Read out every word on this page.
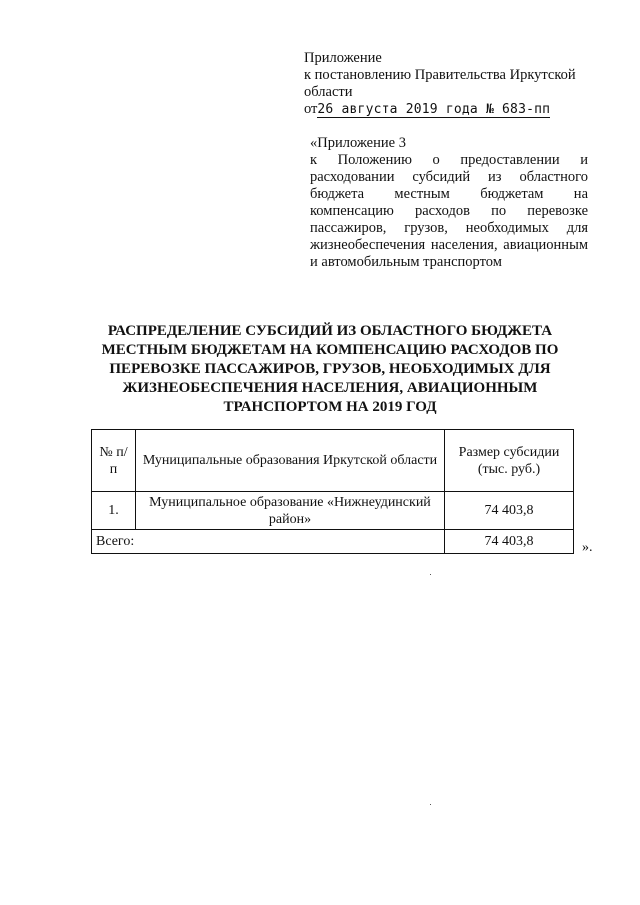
Приложение
к постановлению Правительства Иркутской
области
от26 августа 2019 года № 683-пп
«Приложение 3
к Положению о предоставлении и расходовании субсидий из областного бюджета местным бюджетам на компенсацию расходов по перевозке пассажиров, грузов, необходимых для жизнеобеспечения населения, авиационным и автомобильным транспортом
РАСПРЕДЕЛЕНИЕ СУБСИДИЙ ИЗ ОБЛАСТНОГО БЮДЖЕТА МЕСТНЫМ БЮДЖЕТАМ НА КОМПЕНСАЦИЮ РАСХОДОВ ПО ПЕРЕВОЗКЕ ПАССАЖИРОВ, ГРУЗОВ, НЕОБХОДИМЫХ ДЛЯ ЖИЗНЕОБЕСПЕЧЕНИЯ НАСЕЛЕНИЯ, АВИАЦИОННЫМ ТРАНСПОРТОМ НА 2019 ГОД
№ п/п	Муниципальные образования Иркутской области	Размер субсидии (тыс. руб.)
1.	Муниципальное образование «Нижнеудинский район»	74 403,8
Всего:		74 403,8	».
